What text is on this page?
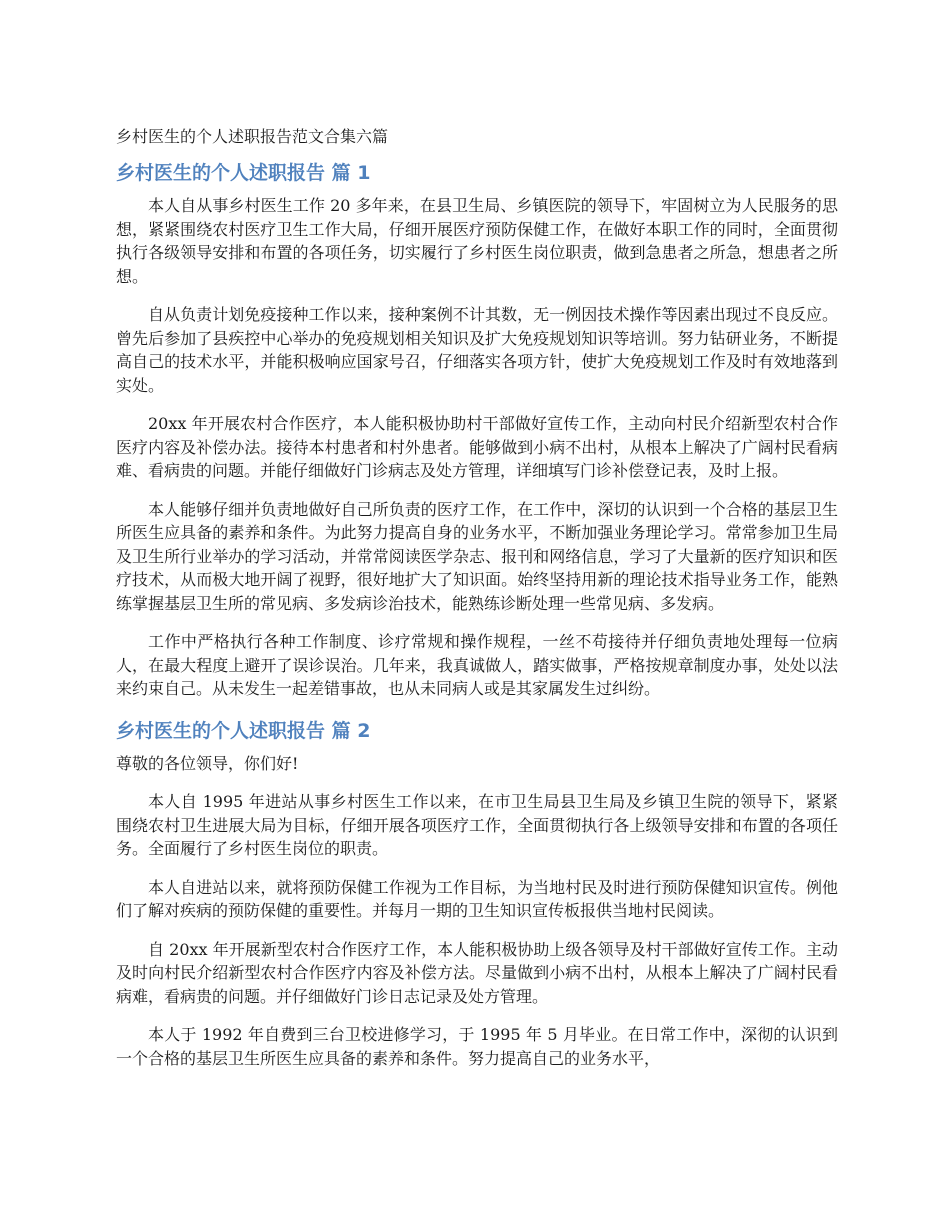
乡村医生的个人述职报告范文合集六篇
乡村医生的个人述职报告 篇 1

本人自从事乡村医生工作 20 多年来，在县卫生局、乡镇医院的领导下，牢固树立为人民服务的思想，紧紧围绕农村医疗卫生工作大局，仔细开展医疗预防保健工作，在做好本职工作的同时，全面贯彻执行各级领导安排和布置的各项任务，切实履行了乡村医生岗位职责，做到急患者之所急，想患者之所想。

自从负责计划免疫接种工作以来，接种案例不计其数，无一例因技术操作等因素出现过不良反应。曾先后参加了县疾控中心举办的免疫规划相关知识及扩大免疫规划知识等培训。努力钻研业务，不断提高自己的技术水平，并能积极响应国家号召，仔细落实各项方针，使扩大免疫规划工作及时有效地落到实处。

20xx 年开展农村合作医疗，本人能积极协助村干部做好宣传工作，主动向村民介绍新型农村合作医疗内容及补偿办法。接待本村患者和村外患者。能够做到小病不出村，从根本上解决了广阔村民看病难、看病贵的问题。并能仔细做好门诊病志及处方管理，详细填写门诊补偿登记表，及时上报。

本人能够仔细并负责地做好自己所负责的医疗工作，在工作中，深切的认识到一个合格的基层卫生所医生应具备的素养和条件。为此努力提高自身的业务水平，不断加强业务理论学习。常常参加卫生局及卫生所行业举办的学习活动，并常常阅读医学杂志、报刊和网络信息，学习了大量新的医疗知识和医疗技术，从而极大地开阔了视野，很好地扩大了知识面。始终坚持用新的理论技术指导业务工作，能熟练掌握基层卫生所的常见病、多发病诊治技术，能熟练诊断处理一些常见病、多发病。

工作中严格执行各种工作制度、诊疗常规和操作规程，一丝不苟接待并仔细负责地处理每一位病人，在最大程度上避开了误诊误治。几年来，我真诚做人，踏实做事，严格按规章制度办事，处处以法来约束自己。从未发生一起差错事故，也从未同病人或是其家属发生过纠纷。

乡村医生的个人述职报告 篇 2

尊敬的各位领导，你们好!

本人自 1995 年进站从事乡村医生工作以来，在市卫生局县卫生局及乡镇卫生院的领导下，紧紧围绕农村卫生进展大局为目标，仔细开展各项医疗工作，全面贯彻执行各上级领导安排和布置的各项任务。全面履行了乡村医生岗位的职责。

本人自进站以来，就将预防保健工作视为工作目标，为当地村民及时进行预防保健知识宣传。例他们了解对疾病的预防保健的重要性。并每月一期的卫生知识宣传板报供当地村民阅读。

自 20xx 年开展新型农村合作医疗工作，本人能积极协助上级各领导及村干部做好宣传工作。主动及时向村民介绍新型农村合作医疗内容及补偿方法。尽量做到小病不出村，从根本上解决了广阔村民看病难，看病贵的问题。并仔细做好门诊日志记录及处方管理。

本人于 1992 年自费到三台卫校进修学习，于 1995 年 5 月毕业。在日常工作中，深彻的认识到一个合格的基层卫生所医生应具备的素养和条件。努力提高自己的业务水平，
